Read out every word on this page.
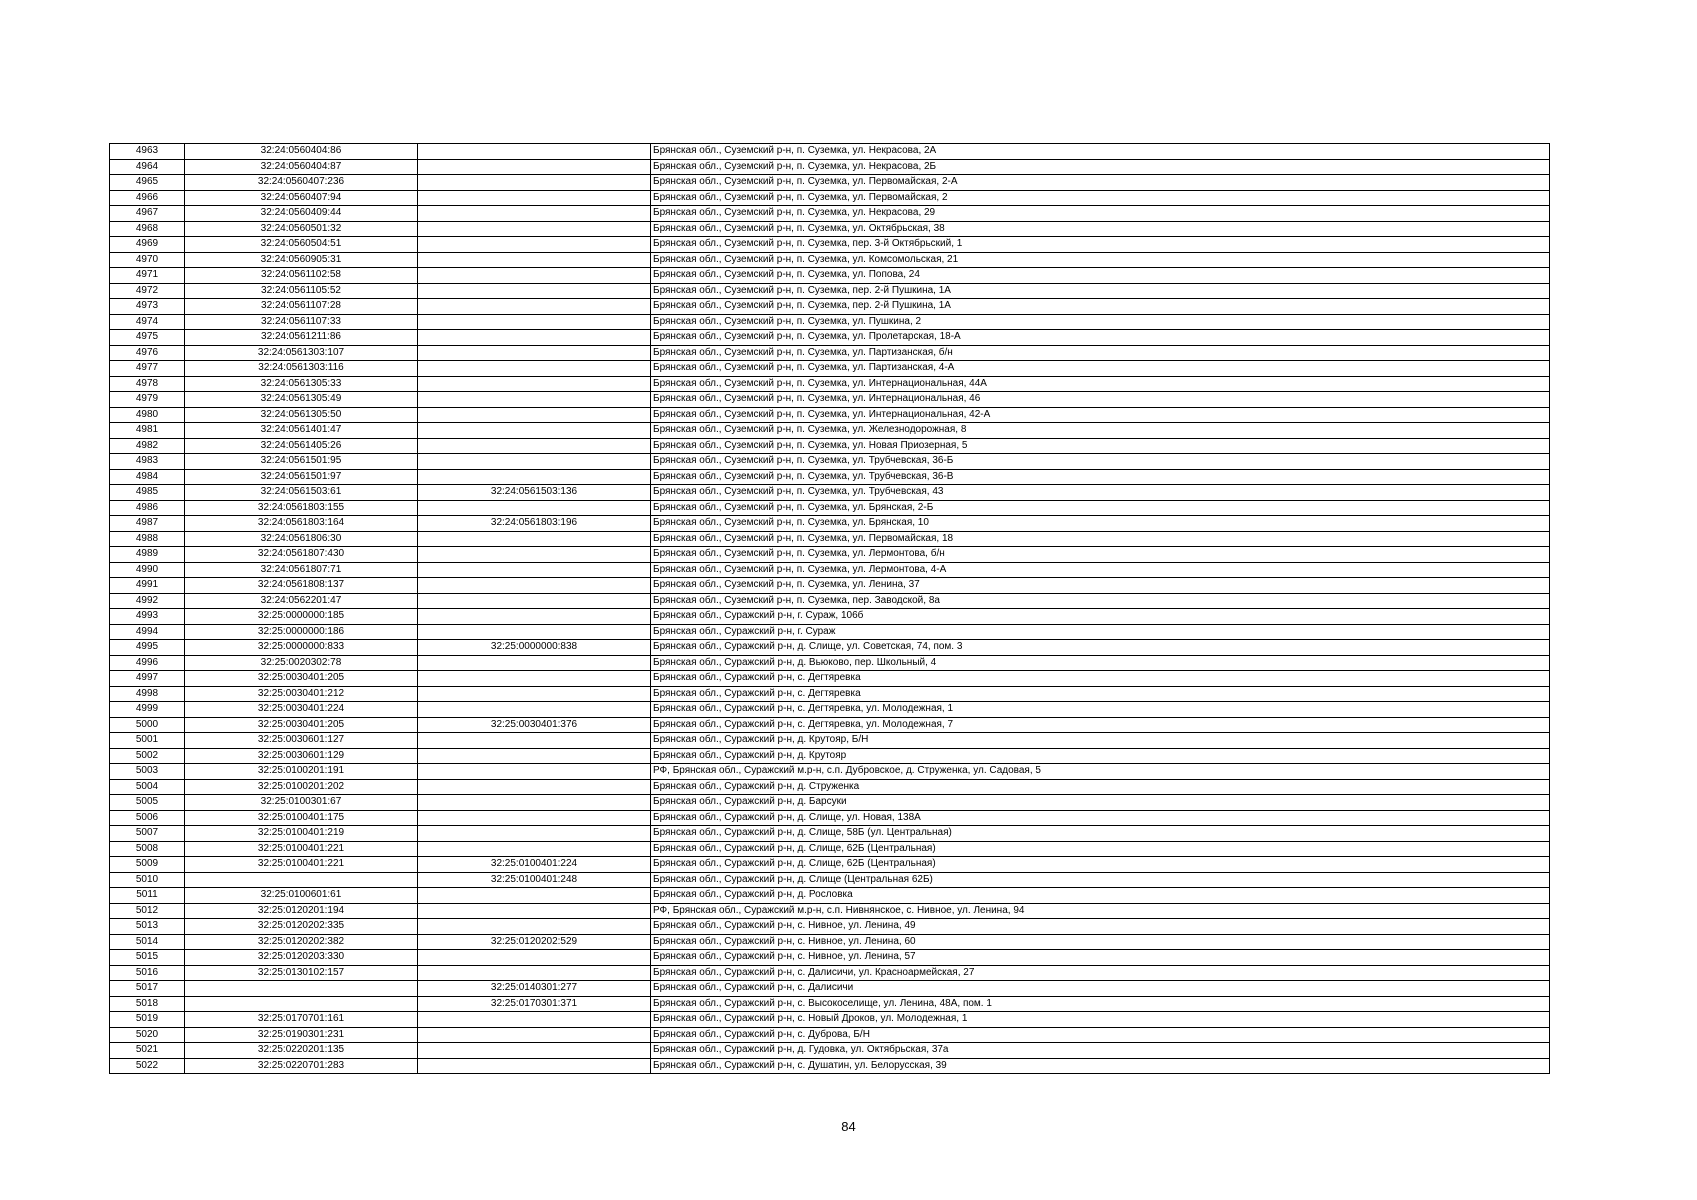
4963	32:24:0560404:86		Брянская обл., Суземский р-н, п. Суземка, ул. Некрасова, 2А
4964	32:24:0560404:87		Брянская обл., Суземский р-н, п. Суземка, ул. Некрасова, 2Б
4965	32:24:0560407:236		Брянская обл., Суземский р-н, п. Суземка, ул. Первомайская, 2-А
4966	32:24:0560407:94		Брянская обл., Суземский р-н, п. Суземка, ул. Первомайская, 2
4967	32:24:0560409:44		Брянская обл., Суземский р-н, п. Суземка, ул. Некрасова, 29
4968	32:24:0560501:32		Брянская обл., Суземский р-н, п. Суземка, ул. Октябрьская, 38
4969	32:24:0560504:51		Брянская обл., Суземский р-н, п. Суземка, пер. 3-й Октябрьский, 1
4970	32:24:0560905:31		Брянская обл., Суземский р-н, п. Суземка, ул. Комсомольская, 21
4971	32:24:0561102:58		Брянская обл., Суземский р-н, п. Суземка, ул. Попова, 24
4972	32:24:0561105:52		Брянская обл., Суземский р-н, п. Суземка, пер. 2-й Пушкина, 1А
4973	32:24:0561107:28		Брянская обл., Суземский р-н, п. Суземка, пер. 2-й Пушкина, 1А
4974	32:24:0561107:33		Брянская обл., Суземский р-н, п. Суземка, ул. Пушкина, 2
4975	32:24:0561211:86		Брянская обл., Суземский р-н, п. Суземка, ул. Пролетарская, 18-А
4976	32:24:0561303:107		Брянская обл., Суземский р-н, п. Суземка, ул. Партизанская, б/н
4977	32:24:0561303:116		Брянская обл., Суземский р-н, п. Суземка, ул. Партизанская, 4-А
4978	32:24:0561305:33		Брянская обл., Суземский р-н, п. Суземка, ул. Интернациональная, 44А
4979	32:24:0561305:49		Брянская обл., Суземский р-н, п. Суземка, ул. Интернациональная, 46
4980	32:24:0561305:50		Брянская обл., Суземский р-н, п. Суземка, ул. Интернациональная, 42-А
4981	32:24:0561401:47		Брянская обл., Суземский р-н, п. Суземка, ул. Железнодорожная, 8
4982	32:24:0561405:26		Брянская обл., Суземский р-н, п. Суземка, ул. Новая Приозерная, 5
4983	32:24:0561501:95		Брянская обл., Суземский р-н, п. Суземка, ул. Трубчевская, 36-Б
4984	32:24:0561501:97		Брянская обл., Суземский р-н, п. Суземка, ул. Трубчевская, 36-В
4985	32:24:0561503:61	32:24:0561503:136	Брянская обл., Суземский р-н, п. Суземка, ул. Трубчевская, 43
4986	32:24:0561803:155		Брянская обл., Суземский р-н, п. Суземка, ул. Брянская, 2-Б
4987	32:24:0561803:164	32:24:0561803:196	Брянская обл., Суземский р-н, п. Суземка, ул. Брянская, 10
4988	32:24:0561806:30		Брянская обл., Суземский р-н, п. Суземка, ул. Первомайская, 18
4989	32:24:0561807:430		Брянская обл., Суземский р-н, п. Суземка, ул. Лермонтова, б/н
4990	32:24:0561807:71		Брянская обл., Суземский р-н, п. Суземка, ул. Лермонтова, 4-А
4991	32:24:0561808:137		Брянская обл., Суземский р-н, п. Суземка, ул. Ленина, 37
4992	32:24:0562201:47		Брянская обл., Суземский р-н, п. Суземка, пер. Заводской, 8а
4993	32:25:0000000:185		Брянская обл., Суражский р-н, г. Сураж, 106б
4994	32:25:0000000:186		Брянская обл., Суражский р-н, г. Сураж
4995	32:25:0000000:833	32:25:0000000:838	Брянская обл., Суражский р-н, д. Слище, ул. Советская, 74, пом. 3
4996	32:25:0020302:78		Брянская обл., Суражский р-н, д. Вьюково, пер. Школьный, 4
4997	32:25:0030401:205		Брянская обл., Суражский р-н, с. Дегтяревка
4998	32:25:0030401:212		Брянская обл., Суражский р-н, с. Дегтяревка
4999	32:25:0030401:224		Брянская обл., Суражский р-н, с. Дегтяревка, ул. Молодежная, 1
5000	32:25:0030401:205	32:25:0030401:376	Брянская обл., Суражский р-н, с. Дегтяревка, ул. Молодежная, 7
5001	32:25:0030601:127		Брянская обл., Суражский р-н, д. Крутояр, Б/Н
5002	32:25:0030601:129		Брянская обл., Суражский р-н, д. Крутояр
5003	32:25:0100201:191		РФ, Брянская обл., Суражский м.р-н, с.п. Дубровское, д. Струженка, ул. Садовая, 5
5004	32:25:0100201:202		Брянская обл., Суражский р-н, д. Струженка
5005	32:25:0100301:67		Брянская обл., Суражский р-н, д. Барсуки
5006	32:25:0100401:175		Брянская обл., Суражский р-н, д. Слище, ул. Новая, 138А
5007	32:25:0100401:219		Брянская обл., Суражский р-н, д. Слище, 58Б (ул. Центральная)
5008	32:25:0100401:221		Брянская обл., Суражский р-н, д. Слище, 62Б (Центральная)
5009	32:25:0100401:221	32:25:0100401:224	Брянская обл., Суражский р-н, д. Слище, 62Б (Центральная)
5010		32:25:0100401:248	Брянская обл., Суражский р-н, д. Слище (Центральная 62Б)
5011	32:25:0100601:61		Брянская обл., Суражский р-н, д. Рословка
5012	32:25:0120201:194		РФ, Брянская обл., Суражский м.р-н, с.п. Нивнянское, с. Нивное, ул. Ленина, 94
5013	32:25:0120202:335		Брянская обл., Суражский р-н, с. Нивное, ул. Ленина, 49
5014	32:25:0120202:382	32:25:0120202:529	Брянская обл., Суражский р-н, с. Нивное, ул. Ленина, 60
5015	32:25:0120203:330		Брянская обл., Суражский р-н, с. Нивное, ул. Ленина, 57
5016	32:25:0130102:157		Брянская обл., Суражский р-н, с. Далисичи, ул. Красноармейская, 27
5017		32:25:0140301:277	Брянская обл., Суражский р-н, с. Далисичи
5018		32:25:0170301:371	Брянская обл., Суражский р-н, с. Высокоселище, ул. Ленина, 48А, пом. 1
5019	32:25:0170701:161		Брянская обл., Суражский р-н, с. Новый Дроков, ул. Молодежная, 1
5020	32:25:0190301:231		Брянская обл., Суражский р-н, с. Дуброва, Б/Н
5021	32:25:0220201:135		Брянская обл., Суражский р-н, д. Гудовка, ул. Октябрьская, 37а
5022	32:25:0220701:283		Брянская обл., Суражский р-н, с. Душатин, ул. Белорусская, 39
84
